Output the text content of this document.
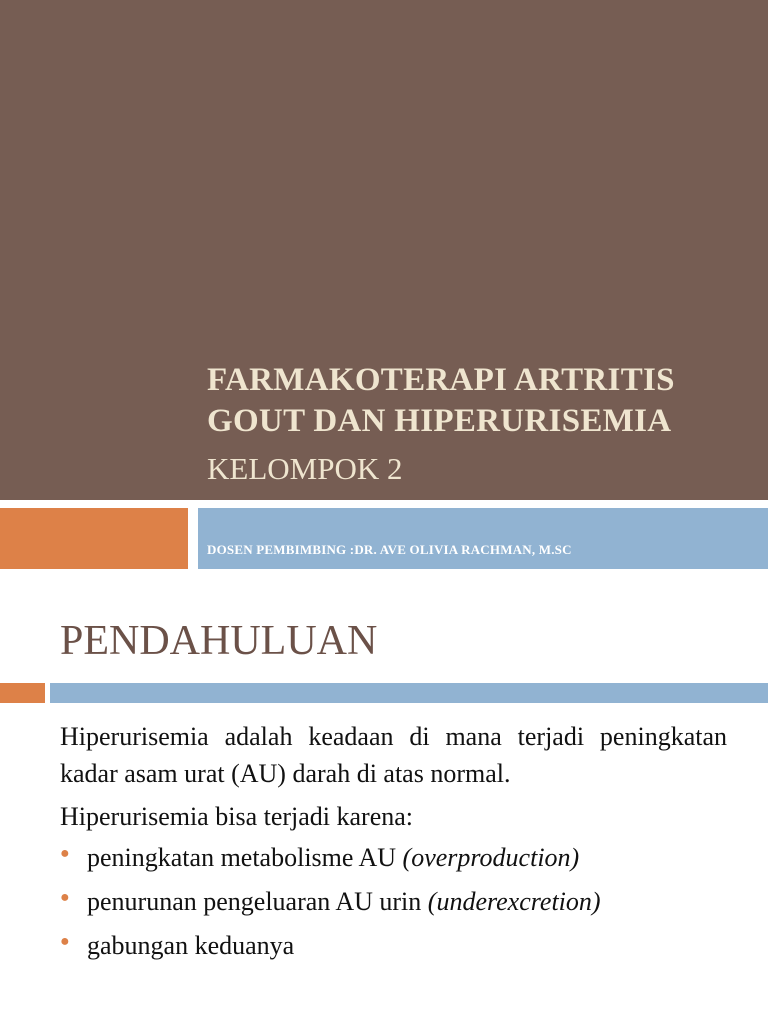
FARMAKOTERAPI ARTRITIS
GOUT DAN HIPERURISEMIA

KELOMPOK 2

DOSEN PEMBIMBING :DR. AVE OLIVIA RACHMAN, M.SC

PENDAHULUAN

Hiperurisemia adalah keadaan di mana terjadi peningkatan kadar asam urat (AU) darah di atas normal.

Hiperurisemia bisa terjadi karena:

● peningkatan metabolisme AU (overproduction)
● penurunan pengeluaran AU urin (underexcretion)
● gabungan keduanya
